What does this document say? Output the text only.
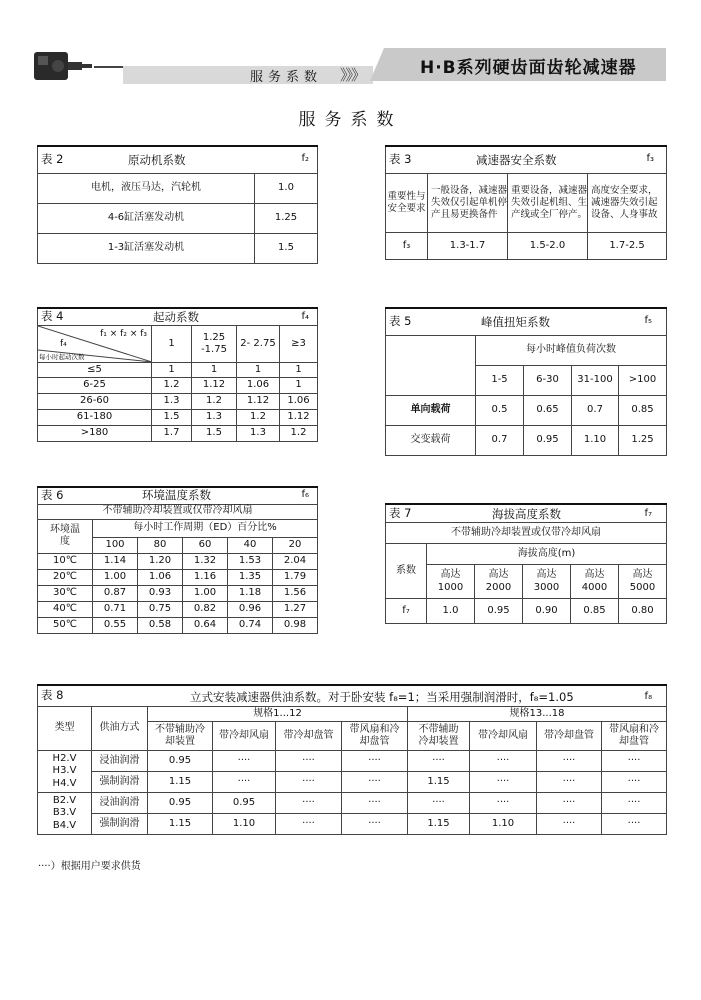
服务系数 》》》	H·B系列硬齿面齿轮减速器
服务系数
表 2 原动机系数 f₂	

电机，液压马达，汽轮机	1.0
4-6缸活塞发动机	1.25
1-3缸活塞发动机	1.5
表 3 减速器安全系数 f₃			

重要性与安全要求	一般设备，减速器失效仅引起单机停产且易更换备件	重要设备，减速器失效引起机组、生产线或全厂停产。	高度安全要求，减速器失效引起设备、人身事故
f₃	1.3-1.7	1.5-2.0	1.7-2.5
表 4 起动系数 f₄				

f₁ × f₂ × f₃
f₄
每小时起动次数	1	1.25 -1.75	2- 2.75	≥3
≤5	1	1	1	1
6-25	1.2	1.12	1.06	1
26-60	1.3	1.2	1.12	1.06
61-180	1.5	1.3	1.2	1.12
>180	1.7	1.5	1.3	1.2
表 5 峰值扭矩系数 f₅				

	每小时峰值负荷次数			
	1-5	6-30	31-100	>100
单向载荷	0.5	0.65	0.7	0.85
交变载荷	0.7	0.95	1.10	1.25
表 6 环境温度系数 f₆					

不带辅助冷却装置或仅带冷却风扇					
环境温度	每小时工作周期（ED）百分比%				
	100	80	60	40	20
10℃	1.14	1.20	1.32	1.53	2.04
20℃	1.00	1.06	1.16	1.35	1.79
30℃	0.87	0.93	1.00	1.18	1.56
40℃	0.71	0.75	0.82	0.96	1.27
50℃	0.55	0.58	0.64	0.74	0.98
表 7 海拔高度系数 f₇					

不带辅助冷却装置或仅带冷却风扇					
系数	海拔高度(m)				
	高达 1000	高达 2000	高达 3000	高达 4000	高达 5000
f₇	1.0	0.95	0.90	0.85	0.80
表 8 立式安装减速器供油系数。对于卧安装 f₈=1；当采用强制润滑时，f₈=1.05 f₈									

类型	供油方式	规格1...12				规格13...18			
		不带辅助冷却装置	带冷却风扇	带冷却盘管	带风扇和冷却盘管	不带辅助冷却装置	带冷却风扇	带冷却盘管	带风扇和冷却盘管
H2.V H3.V H4.V	浸油润滑	0.95	····	····	····	····	····	····	····
	强制润滑	1.15	····	····	····	1.15	····	····	····
B2.V B3.V B4.V	浸油润滑	0.95	0.95	····	····	····	····	····	····
	强制润滑	1.15	1.10	····	····	1.15	1.10	····	····
····）根据用户要求供货
